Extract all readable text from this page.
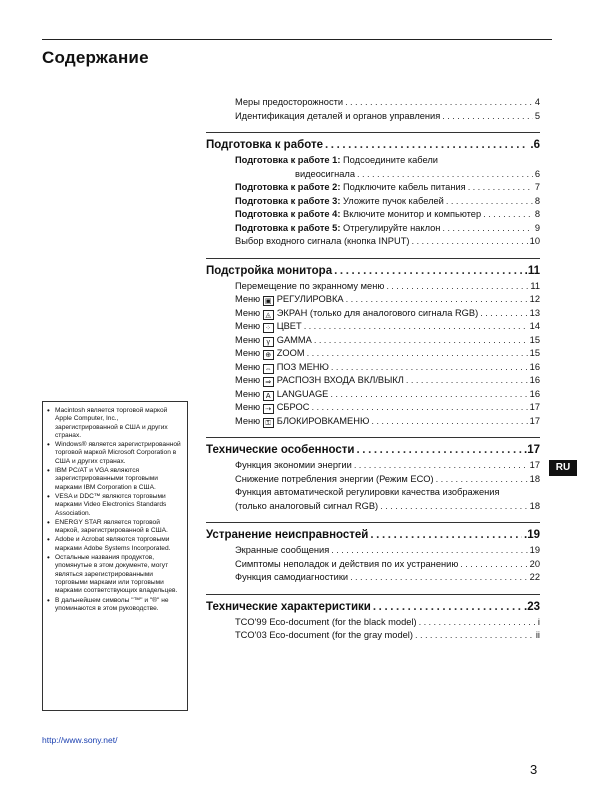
Содержание
Меры предосторожности .....	4
Идентификация деталей и органов управления .....	5
Подготовка к работе .....	.6
Подготовка к работе 1: Подсоедините кабели
видеосигнала .....	6
Подготовка к работе 2: Подключите кабель питания .....	7
Подготовка к работе 3: Уложите пучок кабелей .....	8
Подготовка к работе 4: Включите монитор и компьютер .....	8
Подготовка к работе 5: Отрегулируйте наклон .....	9
Выбор входного сигнала (кнопка INPUT) .....	10
Подстройка монитора .....	.11
Перемещение по экранному меню .....	11
Меню ▣ РЕГУЛИРОВКА .....	12
Меню ◬ ЭКРАН (только для аналогового сигнала RGB) .....	13
Меню ⁘ ЦВЕТ .....	14
Меню γ GAMMA .....	15
Меню ⊕ ZOOM .....	15
Меню ⇔ ПОЗ МЕНЮ .....	16
Меню ⇒ РАСПОЗН ВХОДА ВКЛ/ВЫКЛ .....	16
Меню A LANGUAGE .....	16
Меню ⇢ СБРОС .....	17
Меню ⚿ БЛОКИРОВКАМЕНЮ .....	17
Технические особенности .....	.17
Функция экономии энергии .....	17
Снижение потребления энергии (Режим ECO) .....	18
Функция автоматической регулировки качества изображения
(только аналоговый сигнал RGB) .....	18
Устранение неисправностей .....	.19
Экранные сообщения .....	19
Симптомы неполадок и действия по их устранению .....	20
Функция самодиагностики .....	22
Технические характеристики .....	.23
TCO'99 Eco-document (for the black model) .....	i
TCO'03 Eco-document (for the gray model) .....	ii
• Macintosh является торговой маркой Apple Computer, Inc., зарегистрированной в США и других странах.
• Windows® является зарегистрированной торговой маркой Microsoft Corporation в США и других странах.
• IBM PC/AT и VGA являются зарегистрированными торговыми марками IBM Corporation в США.
• VESA и DDC™ являются торговыми марками Video Electronics Standards Association.
• ENERGY STAR является торговой маркой, зарегистрированной в США.
• Adobe и Acrobat являются торговыми марками Adobe Systems Incorporated.
• Остальные названия продуктов, упомянутые в этом документе, могут являться зарегистрированными торговыми марками или торговыми марками соответствующих владельцев.
• В дальнейшем символы "™" и "®" не упоминаются в этом руководстве.
RU
http://www.sony.net/
3
